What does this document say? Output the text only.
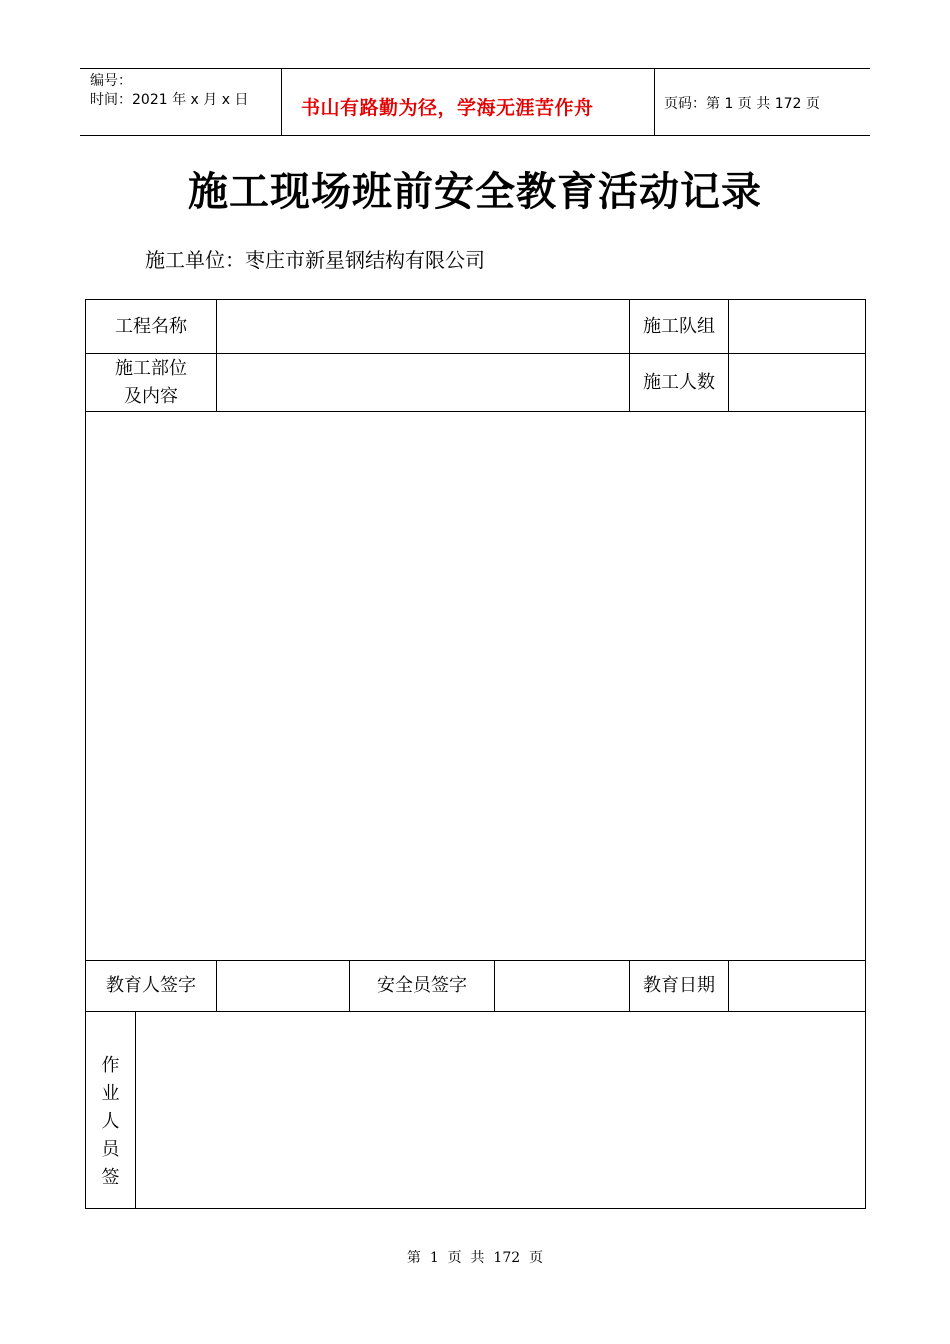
编号：
时间：2021 年 x 月 x 日	书山有路勤为径，学海无涯苦作舟	页码：第 1 页 共 172 页
施工现场班前安全教育活动记录
施工单位：枣庄市新星钢结构有限公司
工程名称					施工队组	

施工部位
及内容					施工人数	

教育人签字			安全员签字		教育日期	

作
业
人
员
签						

第  1  页  共  172  页
